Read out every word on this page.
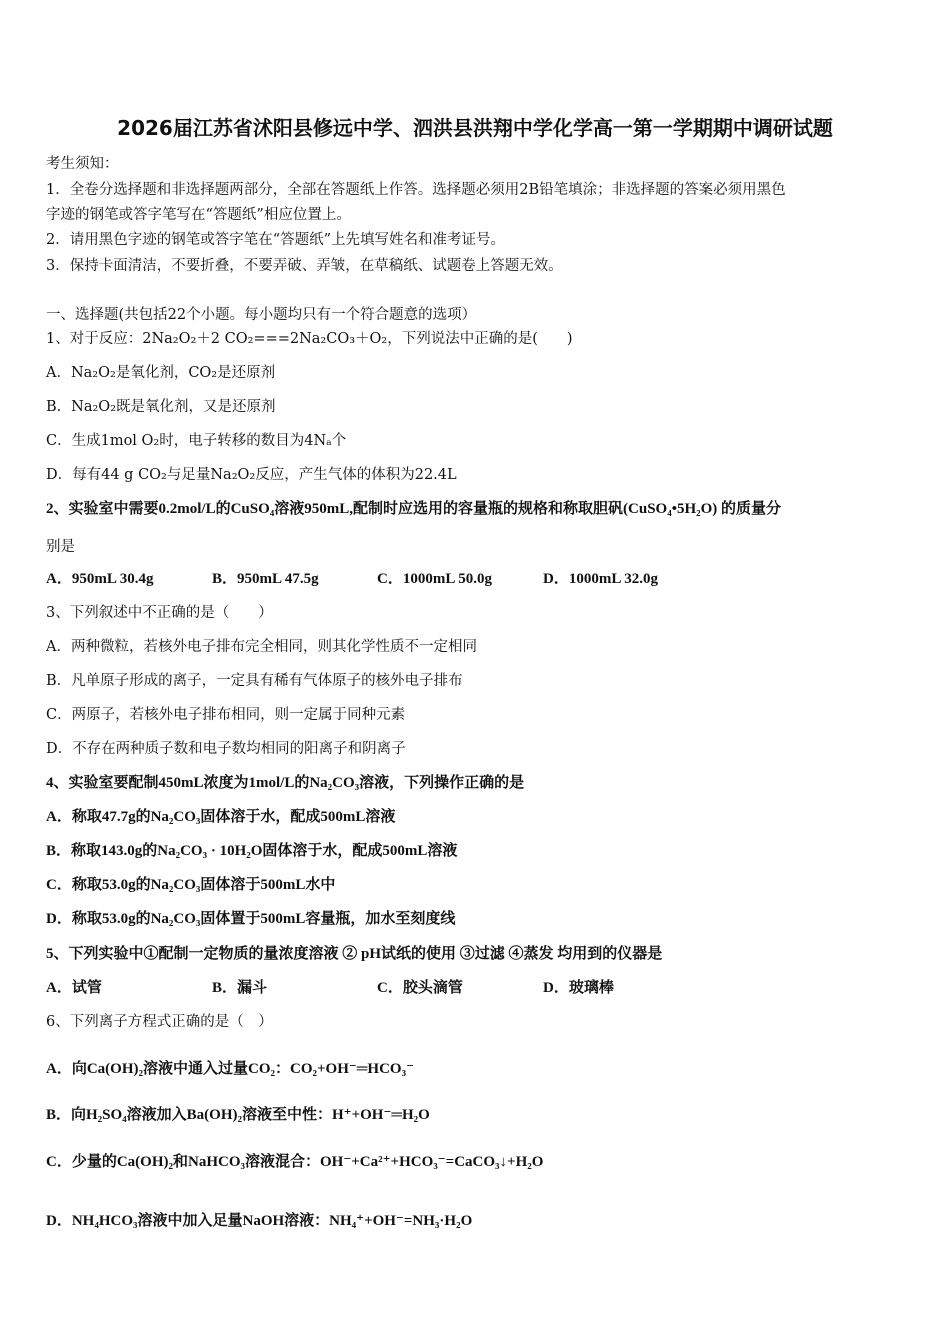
2026届江苏省沭阳县修远中学、泗洪县洪翔中学化学高一第一学期期中调研试题
考生须知：
1．全卷分选择题和非选择题两部分，全部在答题纸上作答。选择题必须用2B铅笔填涂；非选择题的答案必须用黑色
字迹的钢笔或答字笔写在“答题纸”相应位置上。
2．请用黑色字迹的钢笔或答字笔在“答题纸”上先填写姓名和准考证号。
3．保持卡面清洁，不要折叠，不要弄破、弄皱，在草稿纸、试题卷上答题无效。
一、选择题(共包括22个小题。每小题均只有一个符合题意的选项）
1、对于反应：2Na₂O₂＋2 CO₂===2Na₂CO₃＋O₂，下列说法中正确的是(　　)
A．Na₂O₂是氧化剂，CO₂是还原剂
B．Na₂O₂既是氧化剂，又是还原剂
C．生成1mol O₂时，电子转移的数目为4Nₐ个
D．每有44 g CO₂与足量Na₂O₂反应，产生气体的体积为22.4L
2、实验室中需要0.2mol/L的CuSO₄溶液950mL,配制时应选用的容量瓶的规格和称取胆矾(CuSO₄•5H₂O) 的质量分
别是
A．950mL 30.4g	B．950mL 47.5g	C．1000mL 50.0g	D．1000mL 32.0g
3、下列叙述中不正确的是（　　）
A．两种微粒，若核外电子排布完全相同，则其化学性质不一定相同
B．凡单原子形成的离子，一定具有稀有气体原子的核外电子排布
C．两原子，若核外电子排布相同，则一定属于同种元素
D．不存在两种质子数和电子数均相同的阳离子和阴离子
4、实验室要配制450mL浓度为1mol/L的Na₂CO₃溶液，下列操作正确的是
A．称取47.7g的Na₂CO₃固体溶于水，配成500mL溶液
B．称取143.0g的Na₂CO₃ · 10H₂O固体溶于水，配成500mL溶液
C．称取53.0g的Na₂CO₃固体溶于500mL水中
D．称取53.0g的Na₂CO₃固体置于500mL容量瓶，加水至刻度线
5、下列实验中①配制一定物质的量浓度溶液 ② pH试纸的使用 ③过滤 ④蒸发 均用到的仪器是
A．试管	B．漏斗	C．胶头滴管	D．玻璃棒
6、下列离子方程式正确的是（　）
A．向Ca(OH)₂溶液中通入过量CO₂：CO₂+OH⁻═HCO₃⁻
B．向H₂SO₄溶液加入Ba(OH)₂溶液至中性：H⁺+OH⁻═H₂O
C．少量的Ca(OH)₂和NaHCO₃溶液混合：OH⁻+Ca²⁺+HCO₃⁻=CaCO₃↓+H₂O
D．NH₄HCO₃溶液中加入足量NaOH溶液：NH₄⁺+OH⁻=NH₃·H₂O
